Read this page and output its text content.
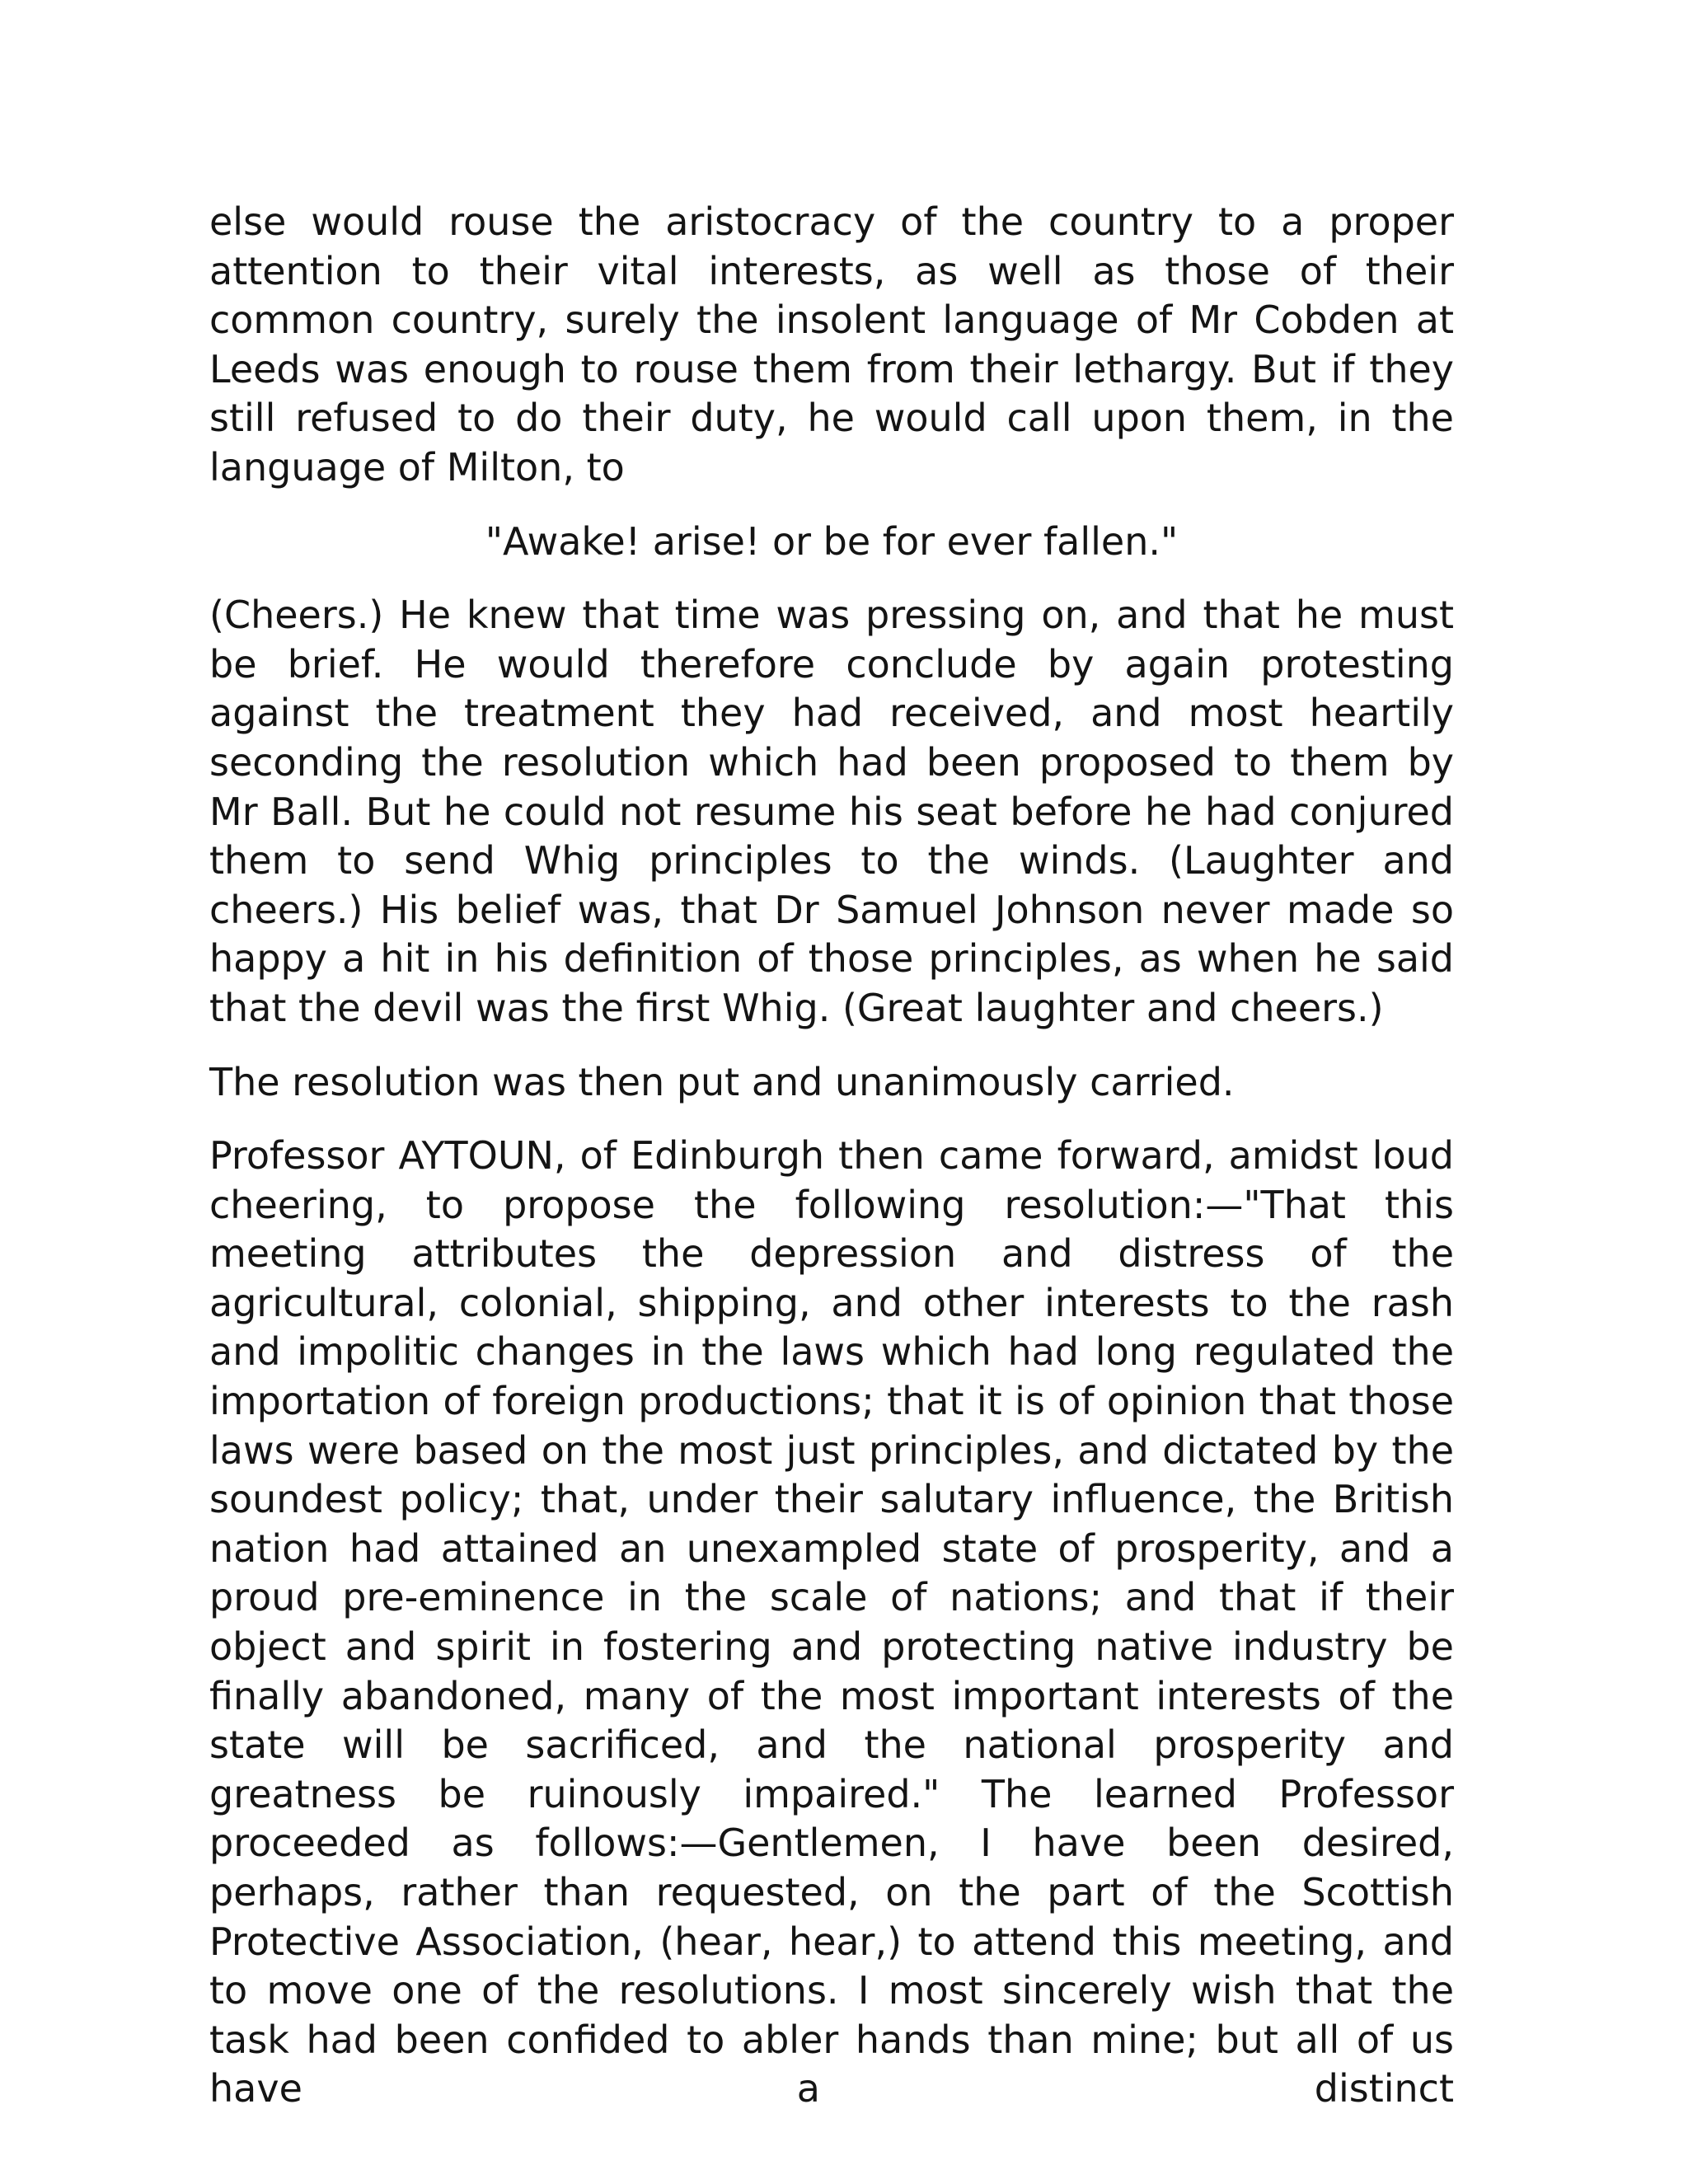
else would rouse the aristocracy of the country to a proper attention to their vital interests, as well as those of their common country, surely the insolent language of Mr Cobden at Leeds was enough to rouse them from their lethargy. But if they still refused to do their duty, he would call upon them, in the language of Milton, to

"Awake! arise! or be for ever fallen."

(Cheers.) He knew that time was pressing on, and that he must be brief. He would therefore conclude by again protesting against the treatment they had received, and most heartily seconding the resolution which had been proposed to them by Mr Ball. But he could not resume his seat before he had conjured them to send Whig principles to the winds. (Laughter and cheers.) His belief was, that Dr Samuel Johnson never made so happy a hit in his definition of those principles, as when he said that the devil was the first Whig. (Great laughter and cheers.)

The resolution was then put and unanimously carried.

Professor AYTOUN, of Edinburgh then came forward, amidst loud cheering, to propose the following resolution:—"That this meeting attributes the depression and distress of the agricultural, colonial, shipping, and other interests to the rash and impolitic changes in the laws which had long regulated the importation of foreign productions; that it is of opinion that those laws were based on the most just principles, and dictated by the soundest policy; that, under their salutary influence, the British nation had attained an unexampled state of prosperity, and a proud pre-eminence in the scale of nations; and that if their object and spirit in fostering and protecting native industry be finally abandoned, many of the most important interests of the state will be sacrificed, and the national prosperity and greatness be ruinously impaired." The learned Professor proceeded as follows:—Gentlemen, I have been desired, perhaps, rather than requested, on the part of the Scottish Protective Association, (hear, hear,) to attend this meeting, and to move one of the resolutions. I most sincerely wish that the task had been confided to abler hands than mine; but all of us have a distinct
